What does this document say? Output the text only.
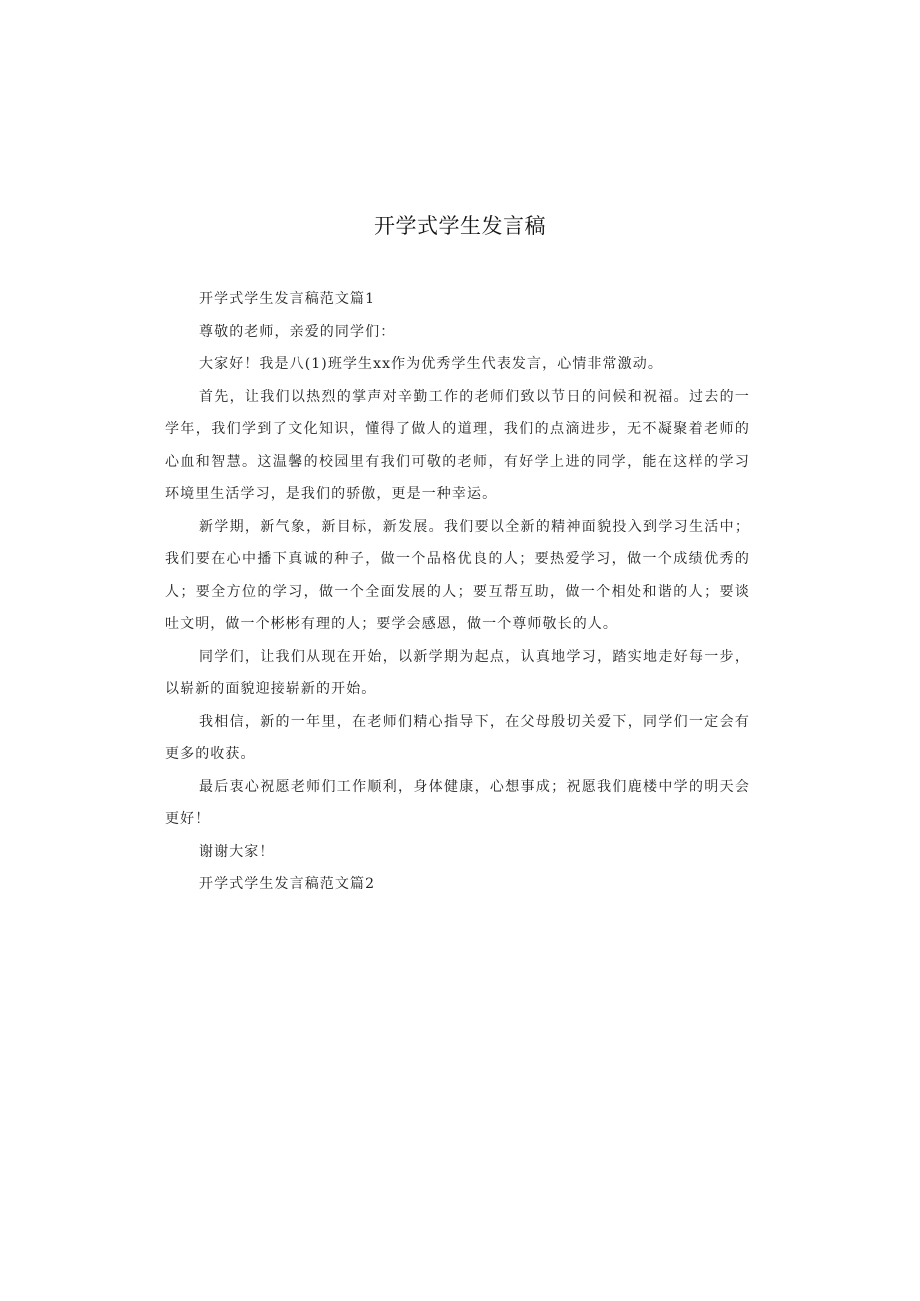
开学式学生发言稿

开学式学生发言稿范文篇1

尊敬的老师，亲爱的同学们：

大家好！我是八(1)班学生xx作为优秀学生代表发言，心情非常激动。

首先，让我们以热烈的掌声对辛勤工作的老师们致以节日的问候和祝福。过去的一学年，我们学到了文化知识，懂得了做人的道理，我们的点滴进步，无不凝聚着老师的心血和智慧。这温馨的校园里有我们可敬的老师，有好学上进的同学，能在这样的学习环境里生活学习，是我们的骄傲，更是一种幸运。

新学期，新气象，新目标，新发展。我们要以全新的精神面貌投入到学习生活中；我们要在心中播下真诚的种子，做一个品格优良的人；要热爱学习，做一个成绩优秀的人；要全方位的学习，做一个全面发展的人；要互帮互助，做一个相处和谐的人；要谈吐文明，做一个彬彬有理的人；要学会感恩，做一个尊师敬长的人。

同学们，让我们从现在开始，以新学期为起点，认真地学习，踏实地走好每一步，以崭新的面貌迎接崭新的开始。

我相信，新的一年里，在老师们精心指导下，在父母殷切关爱下，同学们一定会有更多的收获。

最后衷心祝愿老师们工作顺利，身体健康，心想事成；祝愿我们鹿楼中学的明天会更好！

谢谢大家！

开学式学生发言稿范文篇2
